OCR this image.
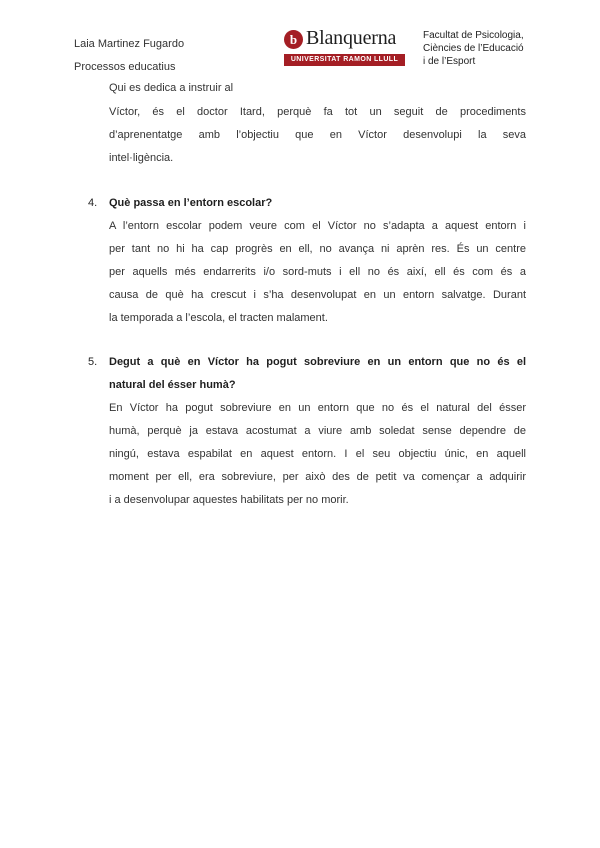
Laia Martinez Fugardo
Processos educatius
b Blanquerna
UNIVERSITAT RAMON LLULL
Facultat de Psicologia,
Ciències de l’Educació
i de l’Esport
Qui es dedica a instruir al
Víctor, és el doctor Itard, perquè fa tot un seguit de procediments
d’aprenentatge amb l’objectiu que en Víctor desenvolupi la seva
intel·ligència.
4. Què passa en l’entorn escolar?
A l’entorn escolar podem veure com el Víctor no s’adapta a aquest entorn i
per tant no hi ha cap progrès en ell, no avança ni aprèn res. És un centre
per aquells més endarrerits i/o sord-muts i ell no és així, ell és com és a
causa de què ha crescut i s’ha desenvolupat en un entorn salvatge. Durant
la temporada a l’escola, el tracten malament.
5. Degut a què en Víctor ha pogut sobreviure en un entorn que no és el
natural del ésser humà?
En Víctor ha pogut sobreviure en un entorn que no és el natural del ésser
humà, perquè ja estava acostumat a viure amb soledat sense dependre de
ningú, estava espabilat en aquest entorn. I el seu objectiu únic, en aquell
moment per ell, era sobreviure, per això des de petit va començar a adquirir
i a desenvolupar aquestes habilitats per no morir.
